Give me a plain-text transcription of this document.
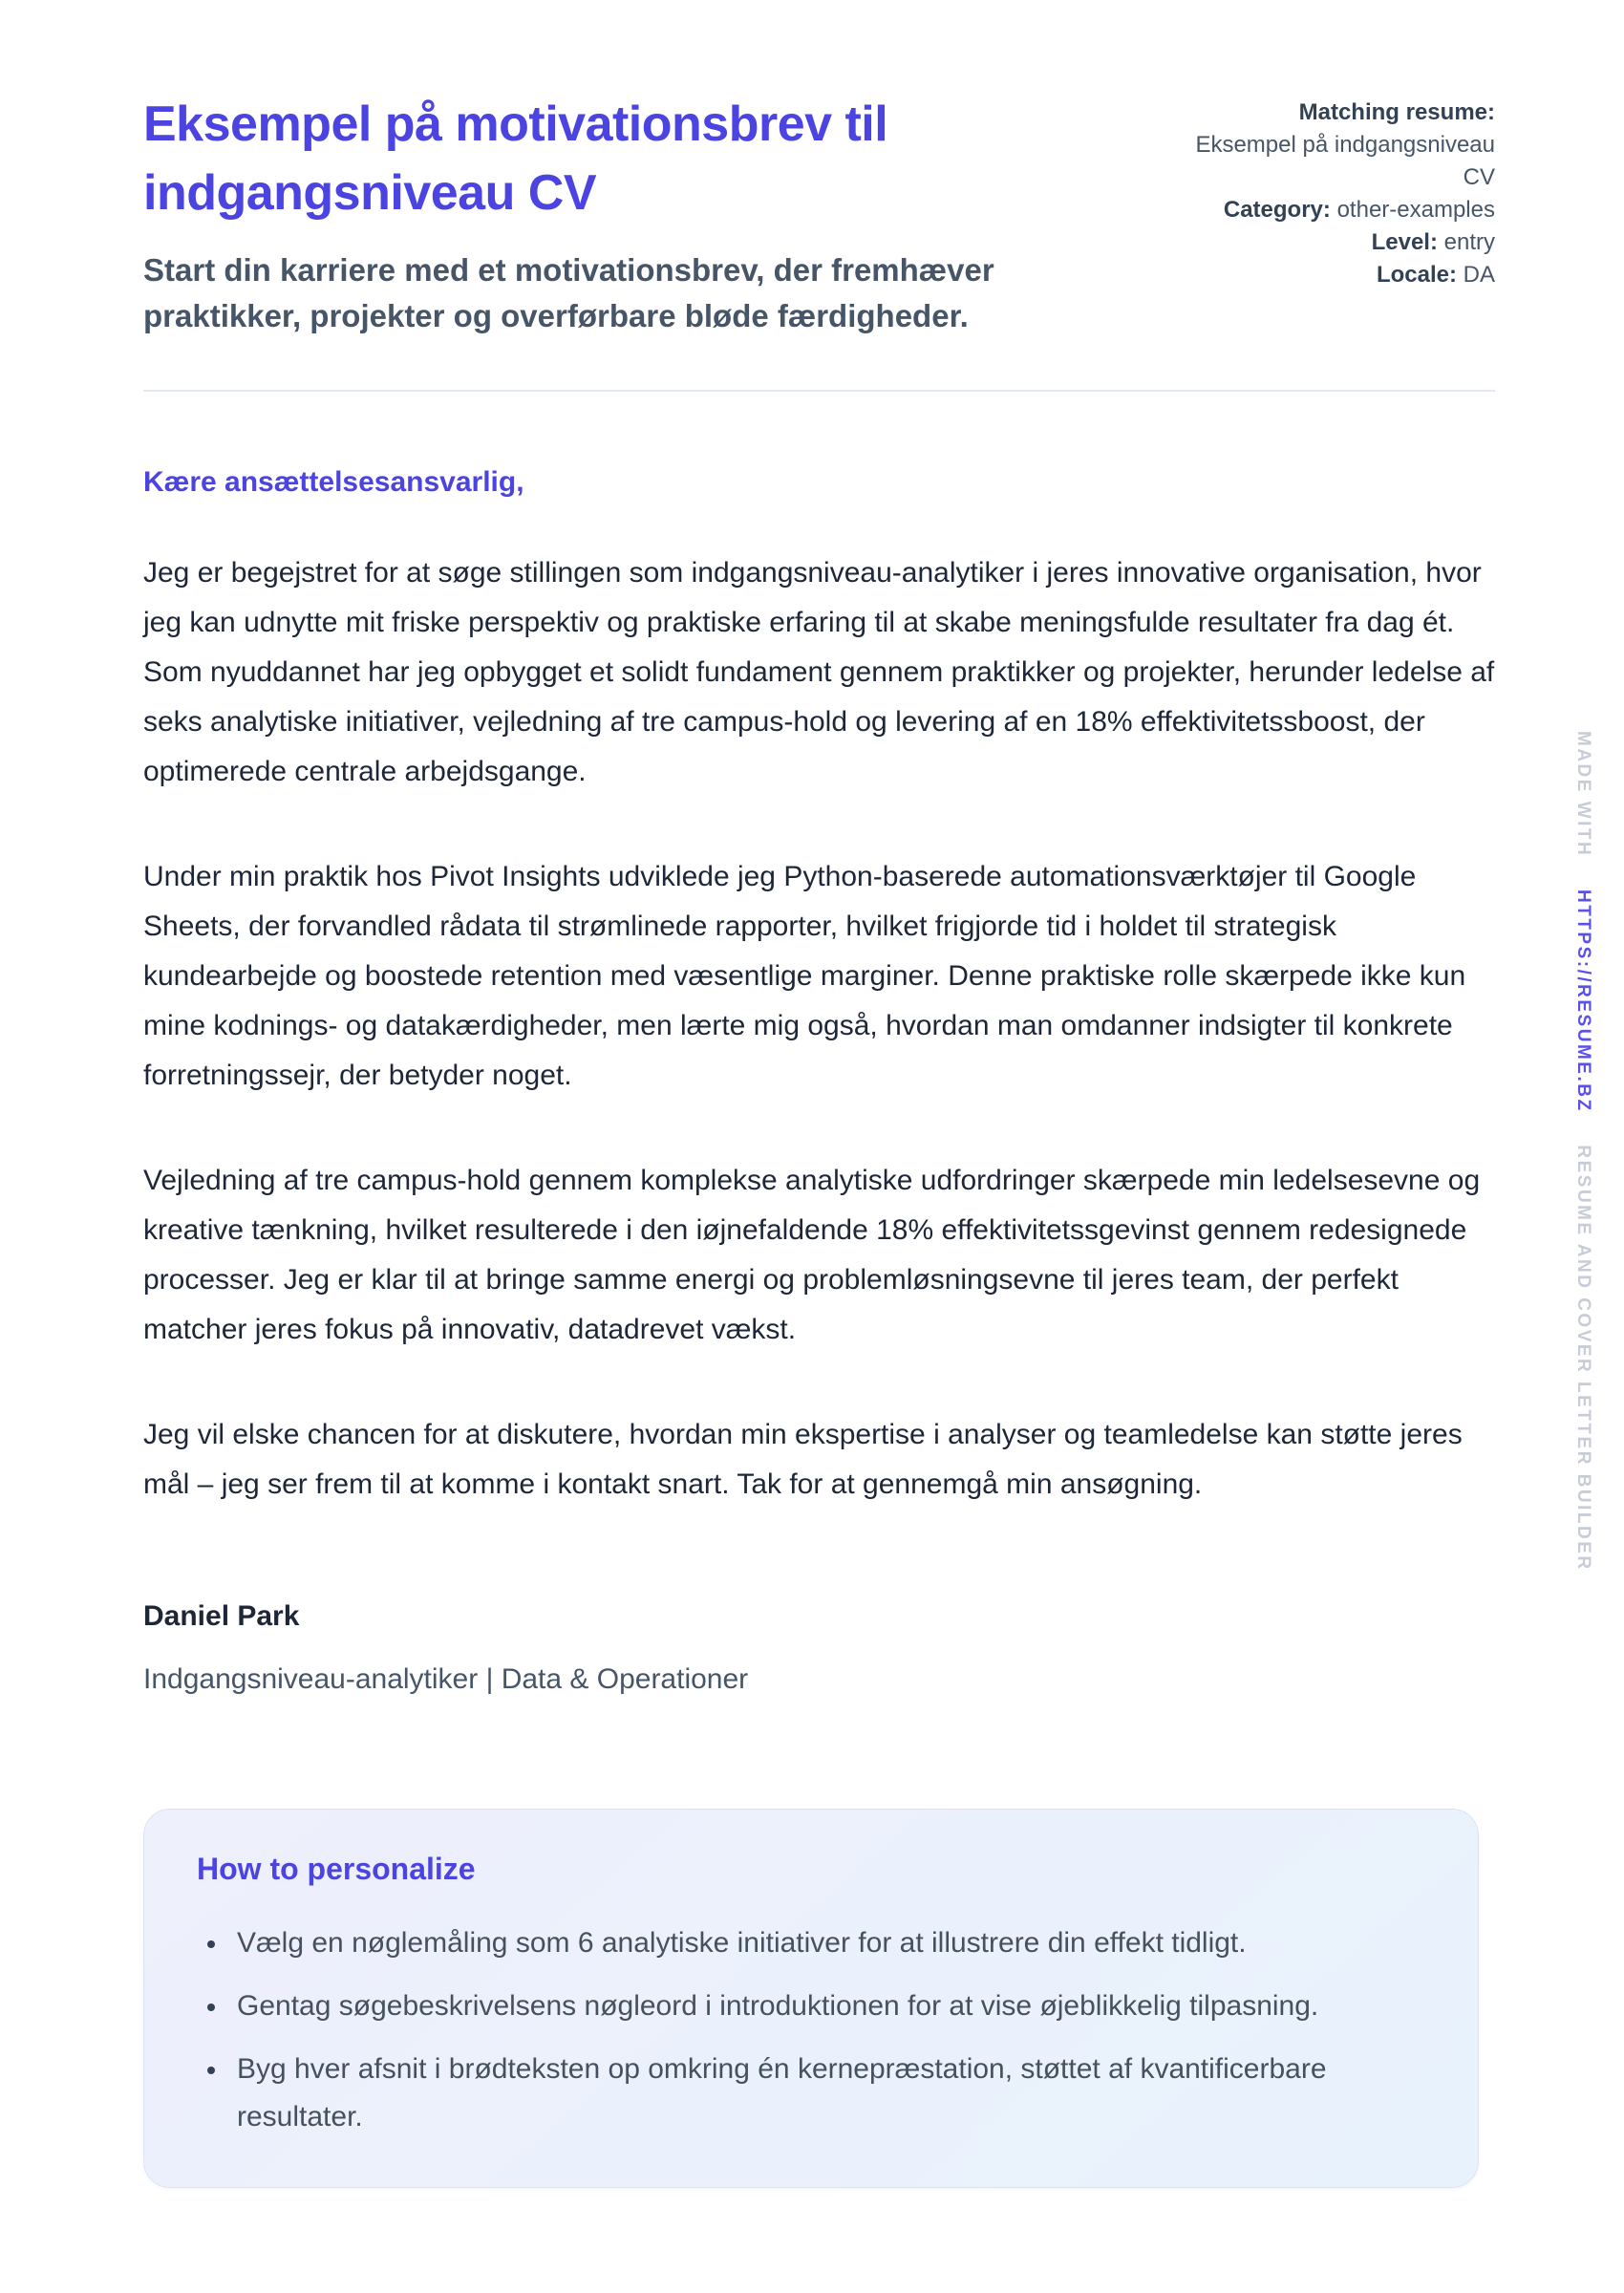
Eksempel på motivationsbrev til indgangsniveau CV

Start din karriere med et motivationsbrev, der fremhæver praktikker, projekter og overførbare bløde færdigheder.

Matching resume: Eksempel på indgangsniveau CV
Category: other-examples
Level: entry
Locale: DA
Kære ansættelsesansvarlig,

Jeg er begejstret for at søge stillingen som indgangsniveau-analytiker i jeres innovative organisation, hvor jeg kan udnytte mit friske perspektiv og praktiske erfaring til at skabe meningsfulde resultater fra dag ét. Som nyuddannet har jeg opbygget et solidt fundament gennem praktikker og projekter, herunder ledelse af seks analytiske initiativer, vejledning af tre campus-hold og levering af en 18% effektivitetssboost, der optimerede centrale arbejdsgange.

Under min praktik hos Pivot Insights udviklede jeg Python-baserede automationsværktøjer til Google Sheets, der forvandled rådata til strømlinede rapporter, hvilket frigjorde tid i holdet til strategisk kundearbejde og boostede retention med væsentlige marginer. Denne praktiske rolle skærpede ikke kun mine kodnings- og datakærdigheder, men lærte mig også, hvordan man omdanner indsigter til konkrete forretningssejr, der betyder noget.

Vejledning af tre campus-hold gennem komplekse analytiske udfordringer skærpede min ledelsesevne og kreative tænkning, hvilket resulterede i den iøjnefaldende 18% effektivitetssgevinst gennem redesignede processer. Jeg er klar til at bringe samme energi og problemløsningsevne til jeres team, der perfekt matcher jeres fokus på innovativ, datadrevet vækst.

Jeg vil elske chancen for at diskutere, hvordan min ekspertise i analyser og teamledelse kan støtte jeres mål – jeg ser frem til at komme i kontakt snart. Tak for at gennemgå min ansøgning.

Daniel Park
Indgangsniveau-analytiker | Data & Operationer
How to personalize
• Vælg en nøglemåling som 6 analytiske initiativer for at illustrere din effekt tidligt.
• Gentag søgebeskrivelsens nøgleord i introduktionen for at vise øjeblikkelig tilpasning.
• Byg hver afsnit i brødteksten op omkring én kernepræstation, støttet af kvantificerbare resultater.
MADE WITH HTTPS://RESUME.BZ RESUME AND COVER LETTER BUILDER
